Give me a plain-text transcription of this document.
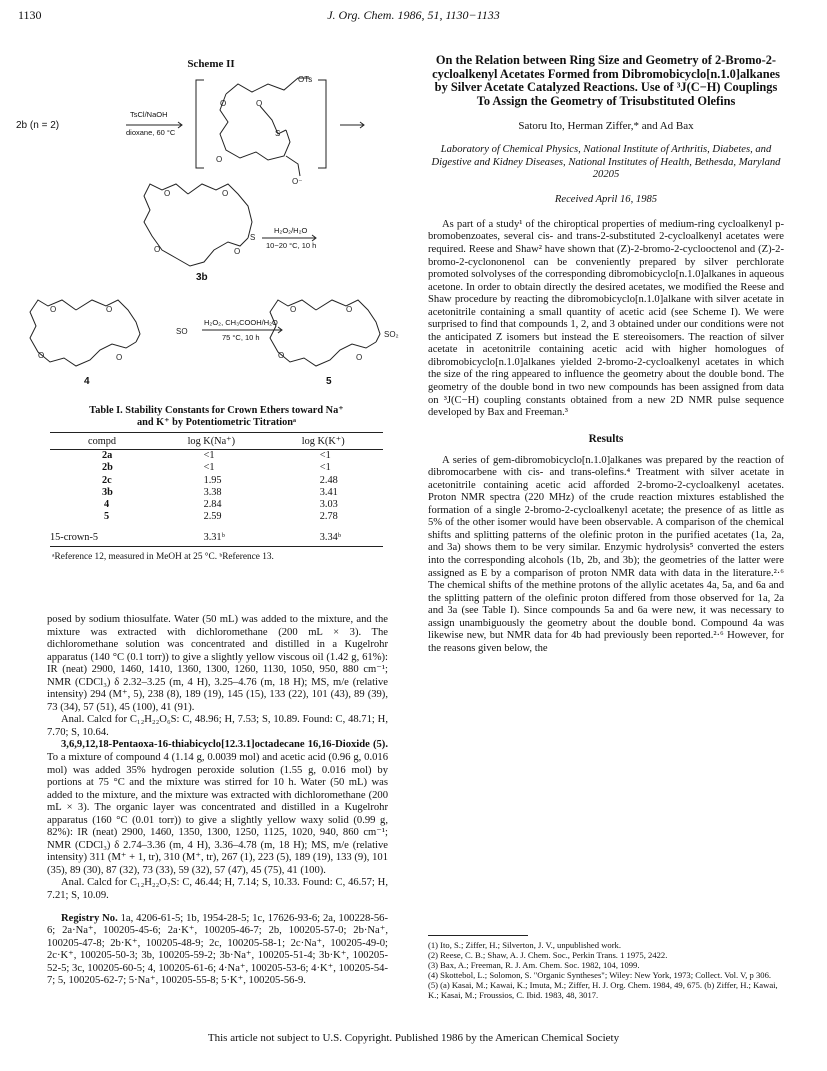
1130	J. Org. Chem. 1986, 51, 1130−1133
Scheme II
OTs
O	O
S
O
O⁻
O	O
O	O
S
O	O
O	O
SO
O	O
O	O
SO₂
2b (n = 2)
TsCl/NaOH
dioxane, 60 °C
H₂O₂/H₂O
10−20 °C, 10 h
H₂O₂, CH₃COOH/H₂O
75 °C, 10 h
3b
4	5
Table I. Stability Constants for Crown Ethers toward Na⁺
and K⁺ by Potentiometric Titrationᵃ
compd	log K(Na⁺)	log K(K⁺)
2a	<1	<1
2b	<1	<1
2c	1.95	2.48
3b	3.38	3.41
4	2.84	3.03
5	2.59	2.78
15-crown-5	3.31ᵇ	3.34ᵇ
ᵃReference 12, measured in MeOH at 25 °C. ᵇReference 13.

posed by sodium thiosulfate. Water (50 mL) was added to the mixture, and the mixture was extracted with dichloromethane (200 mL × 3). The dichloromethane solution was concentrated and distilled in a Kugelrohr apparatus (140 °C (0.1 torr)) to give a slightly yellow viscous oil (1.42 g, 61%): IR (neat) 2900, 1460, 1410, 1360, 1300, 1260, 1130, 1050, 950, 880 cm⁻¹; NMR (CDCl₃) δ 2.32–3.25 (m, 4 H), 3.25–4.76 (m, 18 H); MS, m/e (relative intensity) 294 (M⁺, 5), 238 (8), 189 (19), 145 (15), 133 (22), 101 (43), 89 (39), 73 (34), 57 (51), 45 (100), 41 (91).

Anal. Calcd for C₁₂H₂₂O₆S: C, 48.96; H, 7.53; S, 10.89. Found: C, 48.71; H, 7.70; S, 10.64.

3,6,9,12,18-Pentaoxa-16-thiabicyclo[12.3.1]octadecane 16,16-Dioxide (5). To a mixture of compound 4 (1.14 g, 0.0039 mol) and acetic acid (0.96 g, 0.016 mol) was added 35% hydrogen peroxide solution (1.55 g, 0.016 mol) by portions at 75 °C and the mixture was stirred for 10 h. Water (50 mL) was added to the mixture, and the mixture was extracted with dichloromethane (200 mL × 3). The organic layer was concentrated and distilled in a Kugelrohr apparatus (160 °C (0.01 torr)) to give a slightly yellow waxy solid (0.99 g, 82%): IR (neat) 2900, 1460, 1350, 1300, 1250, 1125, 1020, 940, 860 cm⁻¹; NMR (CDCl₃) δ 2.74–3.36 (m, 4 H), 3.36–4.78 (m, 18 H); MS, m/e (relative intensity) 311 (M⁺ + 1, tr), 310 (M⁺, tr), 267 (1), 223 (5), 189 (19), 133 (9), 101 (35), 89 (30), 87 (32), 73 (33), 59 (32), 57 (47), 45 (75), 41 (100).

Anal. Calcd for C₁₂H₂₂O₇S: C, 46.44; H, 7.14; S, 10.33. Found: C, 46.57; H, 7.21; S, 10.09.

Registry No. 1a, 4206-61-5; 1b, 1954-28-5; 1c, 17626-93-6; 2a, 100228-56-6; 2a·Na⁺, 100205-45-6; 2a·K⁺, 100205-46-7; 2b, 100205-57-0; 2b·Na⁺, 100205-47-8; 2b·K⁺, 100205-48-9; 2c, 100205-58-1; 2c·Na⁺, 100205-49-0; 2c·K⁺, 100205-50-3; 3b, 100205-59-2; 3b·Na⁺, 100205-51-4; 3b·K⁺, 100205-52-5; 3c, 100205-60-5; 4, 100205-61-6; 4·Na⁺, 100205-53-6; 4·K⁺, 100205-54-7; 5, 100205-62-7; 5·Na⁺, 100205-55-8; 5·K⁺, 100205-56-9.

On the Relation between Ring Size and Geometry of 2-Bromo-2-cycloalkenyl Acetates Formed from Dibromobicyclo[n.1.0]alkanes by Silver Acetate Catalyzed Reactions. Use of ³J(C−H) Couplings To Assign the Geometry of Trisubstituted Olefins
Satoru Ito, Herman Ziffer,* and Ad Bax
Laboratory of Chemical Physics, National Institute of Arthritis, Diabetes, and Digestive and Kidney Diseases, National Institutes of Health, Bethesda, Maryland 20205
Received April 16, 1985

As part of a study¹ of the chiroptical properties of medium-ring cycloalkenyl p-bromobenzoates, several cis- and trans-2-substituted 2-cycloalkenyl acetates were required. Reese and Shaw² have shown that (Z)-2-bromo-2-cyclooctenol and (Z)-2-bromo-2-cyclononenol can be conveniently prepared by silver perchlorate promoted solvolyses of the corresponding dibromobicyclo[n.1.0]alkanes in aqueous acetone. In order to obtain directly the desired acetates, we modified the Reese and Shaw procedure by reacting the dibromobicyclo[n.1.0]alkane with silver acetate in acetonitrile containing a small quantity of acetic acid (see Scheme I). We were surprised to find that compounds 1, 2, and 3 obtained under our conditions were not the anticipated Z isomers but instead the E stereoisomers. The reaction of silver acetate in acetonitrile containing acetic acid with higher homologues of dibromobicyclo[n.1.0]alkanes yielded 2-bromo-2-cycloalkenyl acetates in which the size of the ring appeared to influence the geometry about the double bond. The geometry of the double bond in two new compounds has been assigned from data on ³J(C−H) coupling constants obtained from a new 2D NMR pulse sequence developed by Bax and Freeman.³

Results

A series of gem-dibromobicyclo[n.1.0]alkanes was prepared by the reaction of dibromocarbene with cis- and trans-olefins.⁴ Treatment with silver acetate in acetonitrile containing acetic acid afforded 2-bromo-2-cycloalkenyl acetates. Proton NMR spectra (220 MHz) of the crude reaction mixtures established the formation of a single 2-bromo-2-cycloalkenyl acetate; the presence of as little as 5% of the other isomer would have been observable. A comparison of the chemical shifts and splitting patterns of the olefinic proton in the purified acetates (1a, 2a, and 3a) shows them to be very similar. Enzymic hydrolysis⁵ converted the esters into the corresponding alcohols (1b, 2b, and 3b); the geometries of the latter were assigned as E by a comparison of proton NMR data with data in the literature.²·⁶ The chemical shifts of the methine protons of the allylic acetates 4a, 5a, and 6a and the splitting pattern of the olefinic proton differed from those observed for 1a, 2a and 3a (see Table I). Since compounds 5a and 6a were new, it was necessary to assign unambiguously the geometry about the double bond. Compound 4a was likewise new, but NMR data for 4b had previously been reported.²·⁶ However, for the reasons given below, the

(1) Ito, S.; Ziffer, H.; Silverton, J. V., unpublished work.
(2) Reese, C. B.; Shaw, A. J. Chem. Soc., Perkin Trans. 1 1975, 2422.
(3) Bax, A.; Freeman, R. J. Am. Chem. Soc. 1982, 104, 1099.
(4) Skottebol, L.; Solomon, S. "Organic Syntheses"; Wiley: New York, 1973; Collect. Vol. V, p 306.
(5) (a) Kasai, M.; Kawai, K.; Imuta, M.; Ziffer, H. J. Org. Chem. 1984, 49, 675. (b) Ziffer, H.; Kawai, K.; Kasai, M.; Froussios, C. Ibid. 1983, 48, 3017.
This article not subject to U.S. Copyright. Published 1986 by the American Chemical Society
